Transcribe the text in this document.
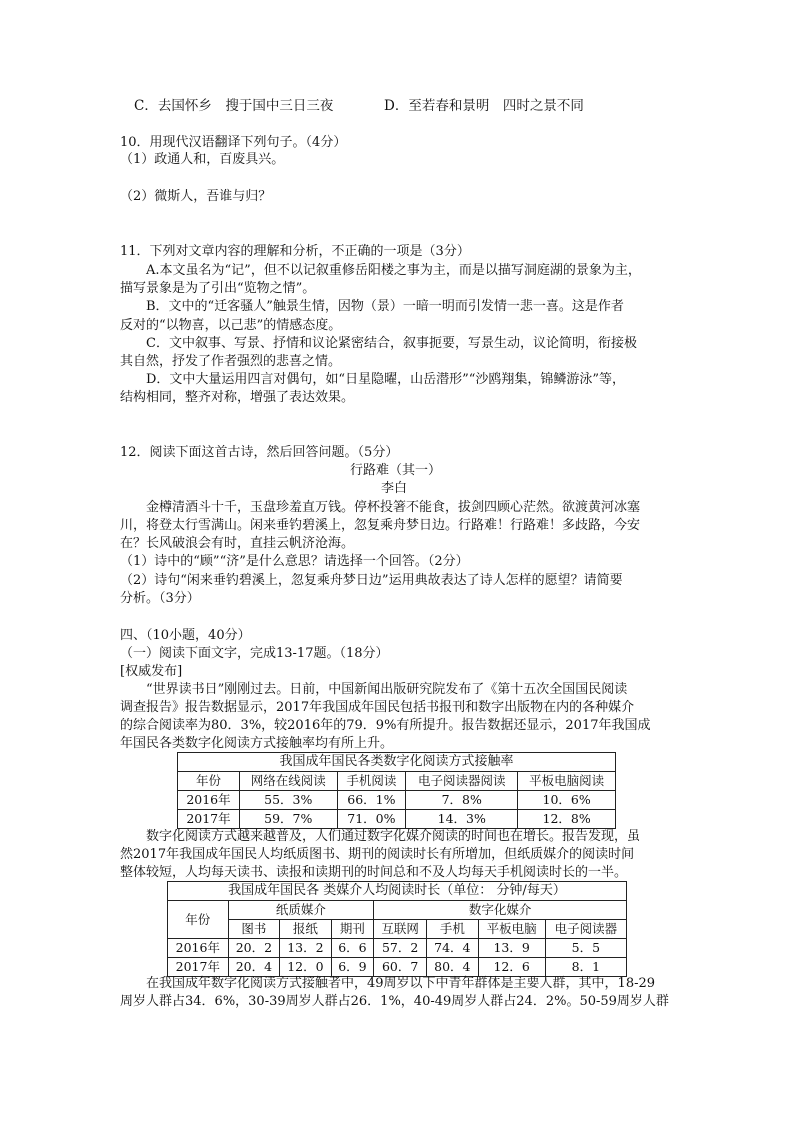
C．去国怀乡　搜于国中三日三夜	D．至若春和景明　四时之景不同
10．用现代汉语翻译下列句子。（4分）
（1）政通人和，百废具兴。
（2）微斯人，吾谁与归？
11．下列对文章内容的理解和分析，不正确的一项是（3分）
A.本文虽名为“记”，但不以记叙重修岳阳楼之事为主，而是以描写洞庭湖的景象为主，
描写景象是为了引出“览物之情”。
B．文中的“迁客骚人”触景生情，因物（景）一暗一明而引发情一悲一喜。这是作者
反对的“以物喜，以己悲”的情感态度。
C．文中叙事、写景、抒情和议论紧密结合，叙事扼要，写景生动，议论简明，衔接极
其自然，抒发了作者强烈的悲喜之情。
D．文中大量运用四言对偶句，如“日星隐曜，山岳潜形”“沙鸥翔集，锦鳞游泳”等，
结构相同，整齐对称，增强了表达效果。
12．阅读下面这首古诗，然后回答问题。（5分）
行路难（其一）
李白
金樽清酒斗十千，玉盘珍羞直万钱。停杯投箸不能食，拔剑四顾心茫然。欲渡黄河冰塞
川，将登太行雪满山。闲来垂钓碧溪上，忽复乘舟梦日边。行路难！行路难！多歧路，今安
在？长风破浪会有时，直挂云帆济沧海。
（1）诗中的“顾”“济”是什么意思？请选择一个回答。（2分）
（2）诗句“闲来垂钓碧溪上，忽复乘舟梦日边”运用典故表达了诗人怎样的愿望？请简要
分析。（3分）
四、（10小题，40分）
（一）阅读下面文字，完成13-17题。（18分）
[权威发布]
“世界读书日”刚刚过去。日前，中国新闻出版研究院发布了《第十五次全国国民阅读
调查报告》报告数据显示，2017年我国成年国民包括书报刊和数字出版物在内的各种媒介
的综合阅读率为80．3%，较2016年的79．9%有所提升。报告数据还显示，2017年我国成
年国民各类数字化阅读方式接触率均有所上升。
我国成年国民各类数字化阅读方式接触率				
年份	网络在线阅读	手机阅读	电子阅读器阅读	平板电脑阅读
2016年	55．3%	66．1%	7．8%	10．6%
2017年	59．7%	71．0%	14．3%	12．8%
数字化阅读方式越来越普及，人们通过数字化媒介阅读的时间也在增长。报告发现，虽
然2017年我国成年国民人均纸质图书、期刊的阅读时长有所增加，但纸质媒介的阅读时间
整体较短，人均每天读书、读报和读期刊的时间总和不及人均每天手机阅读时长的一半。
我国成年国民各 类媒介人均阅读时长（单位： 分钟/每天）							
年份	纸质媒介			数字化媒介			
	图书	报纸	期刊	互联网	手机	平板电脑	电子阅读器
2016年	20．2	13．2	6．6	57．2	74．4	13．9	5．5
2017年	20．4	12．0	6．9	60．7	80．4	12．6	8．1
在我国成年数字化阅读方式接触者中，49周岁以下中青年群体是主要人群，其中，18-29
周岁人群占34．6%，30-39周岁人群占26．1%，40-49周岁人群占24．2%。50-59周岁人群
